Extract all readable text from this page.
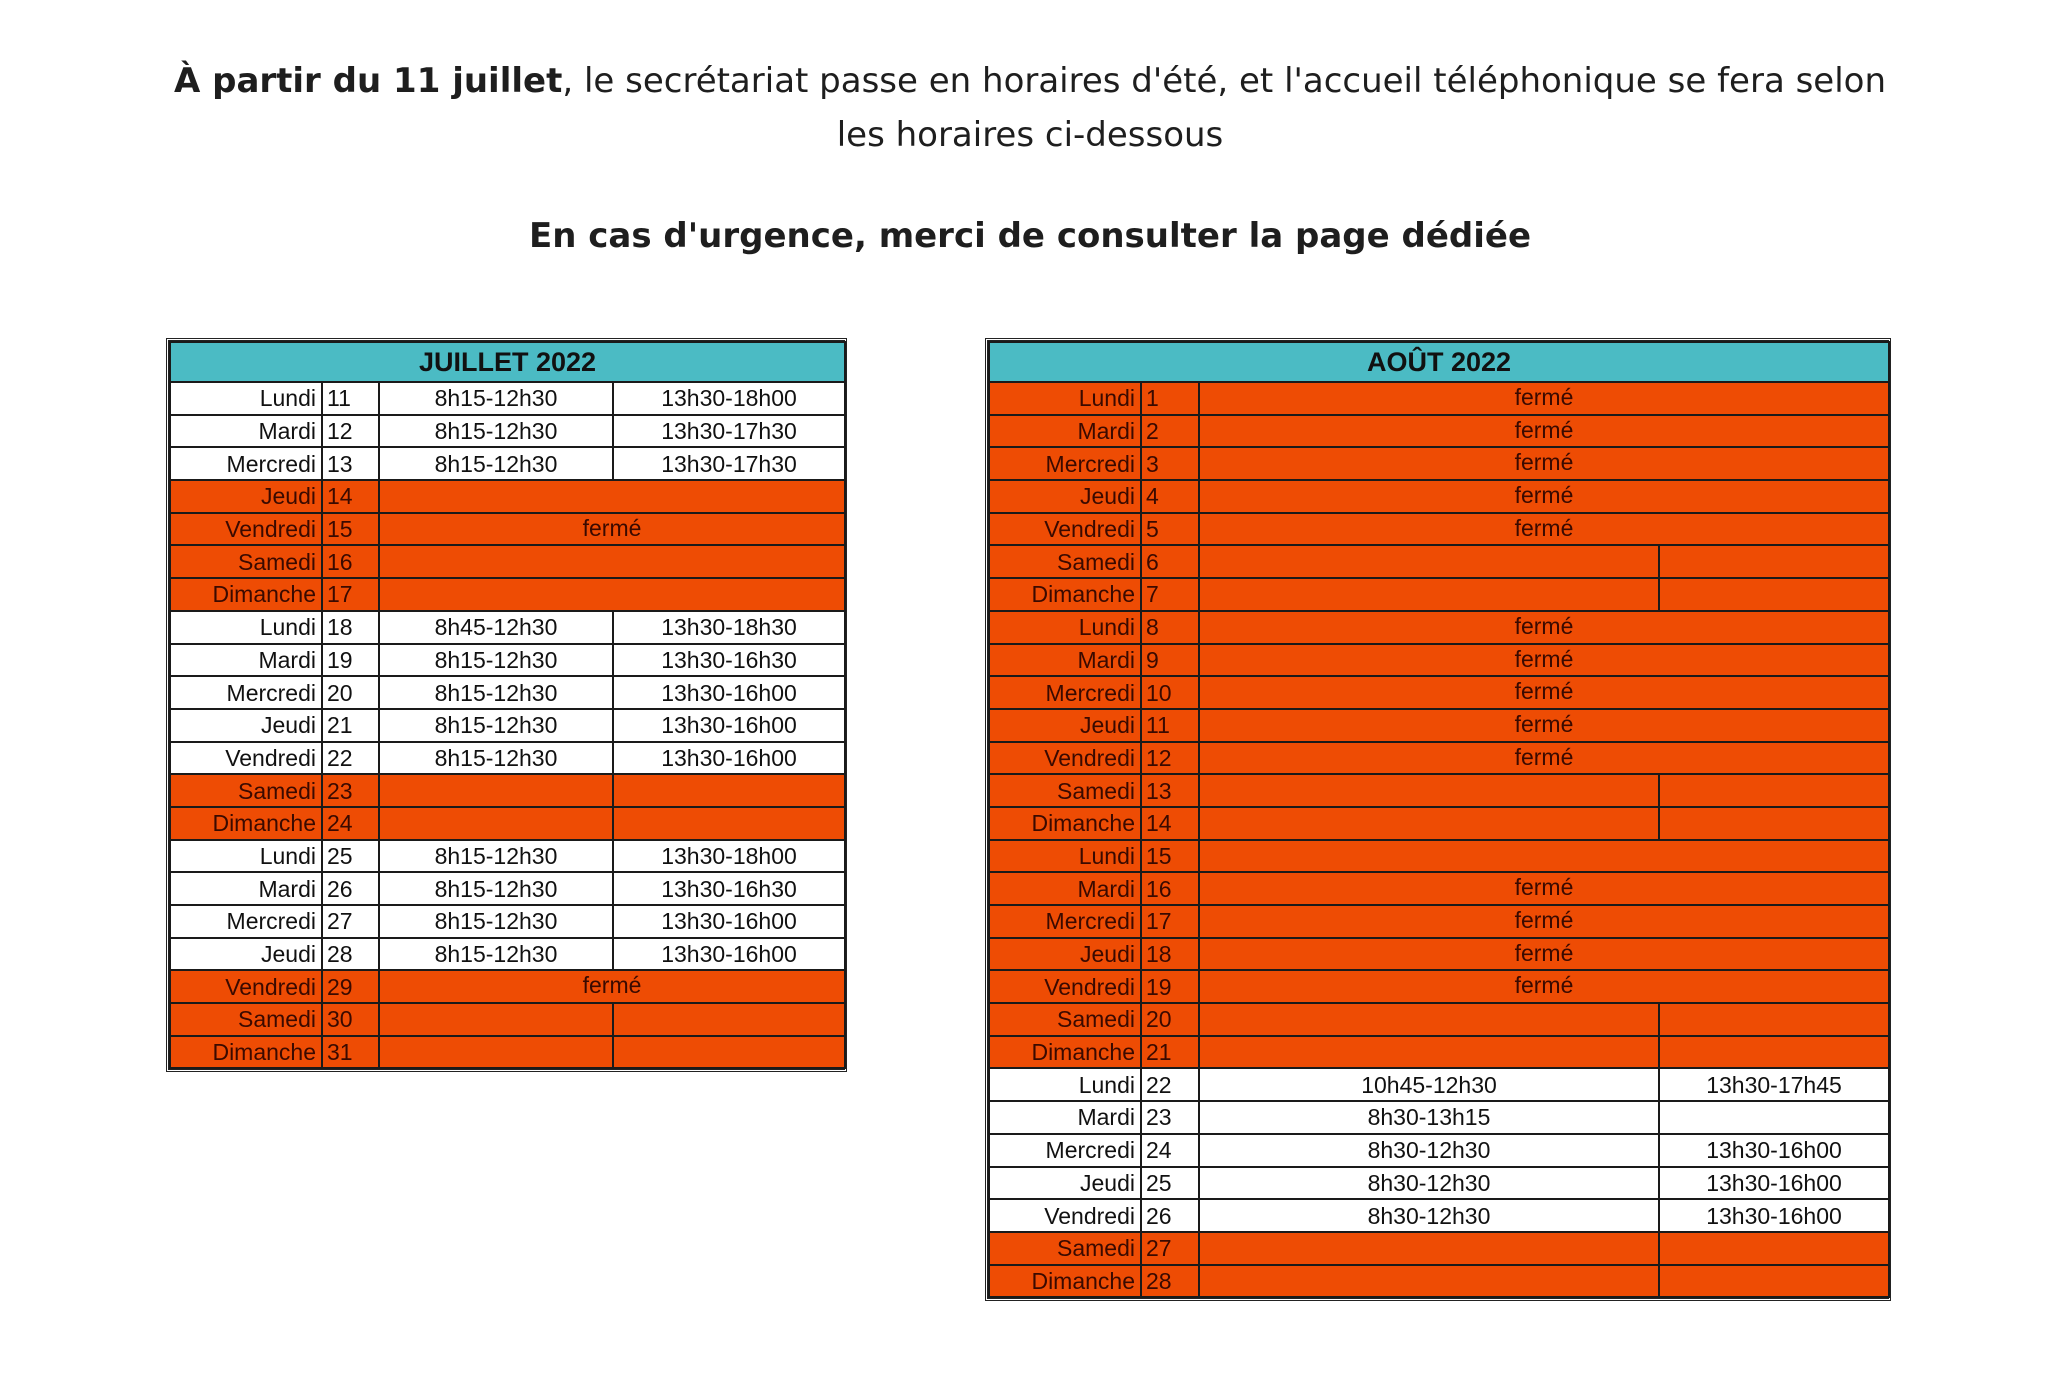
À partir du 11 juillet, le secrétariat passe en horaires d'été, et l'accueil téléphonique se fera selon les horaires ci-dessous
En cas d'urgence, merci de consulter la page dédiée
JUILLET 2022			
Lundi	11	8h15-12h30	13h30-18h00
Mardi	12	8h15-12h30	13h30-17h30
Mercredi	13	8h15-12h30	13h30-17h30
Jeudi	14		
Vendredi	15	fermé	
Samedi	16		
Dimanche	17		
Lundi	18	8h45-12h30	13h30-18h30
Mardi	19	8h15-12h30	13h30-16h30
Mercredi	20	8h15-12h30	13h30-16h00
Jeudi	21	8h15-12h30	13h30-16h00
Vendredi	22	8h15-12h30	13h30-16h00
Samedi	23		
Dimanche	24		
Lundi	25	8h15-12h30	13h30-18h00
Mardi	26	8h15-12h30	13h30-16h30
Mercredi	27	8h15-12h30	13h30-16h00
Jeudi	28	8h15-12h30	13h30-16h00
Vendredi	29	fermé	
Samedi	30		
Dimanche	31		
AOÛT 2022			
Lundi	1	fermé	
Mardi	2	fermé	
Mercredi	3	fermé	
Jeudi	4	fermé	
Vendredi	5	fermé	
Samedi	6		
Dimanche	7		
Lundi	8	fermé	
Mardi	9	fermé	
Mercredi	10	fermé	
Jeudi	11	fermé	
Vendredi	12	fermé	
Samedi	13		
Dimanche	14		
Lundi	15		
Mardi	16	fermé	
Mercredi	17	fermé	
Jeudi	18	fermé	
Vendredi	19	fermé	
Samedi	20		
Dimanche	21		
Lundi	22	10h45-12h30	13h30-17h45
Mardi	23	8h30-13h15	
Mercredi	24	8h30-12h30	13h30-16h00
Jeudi	25	8h30-12h30	13h30-16h00
Vendredi	26	8h30-12h30	13h30-16h00
Samedi	27		
Dimanche	28		
